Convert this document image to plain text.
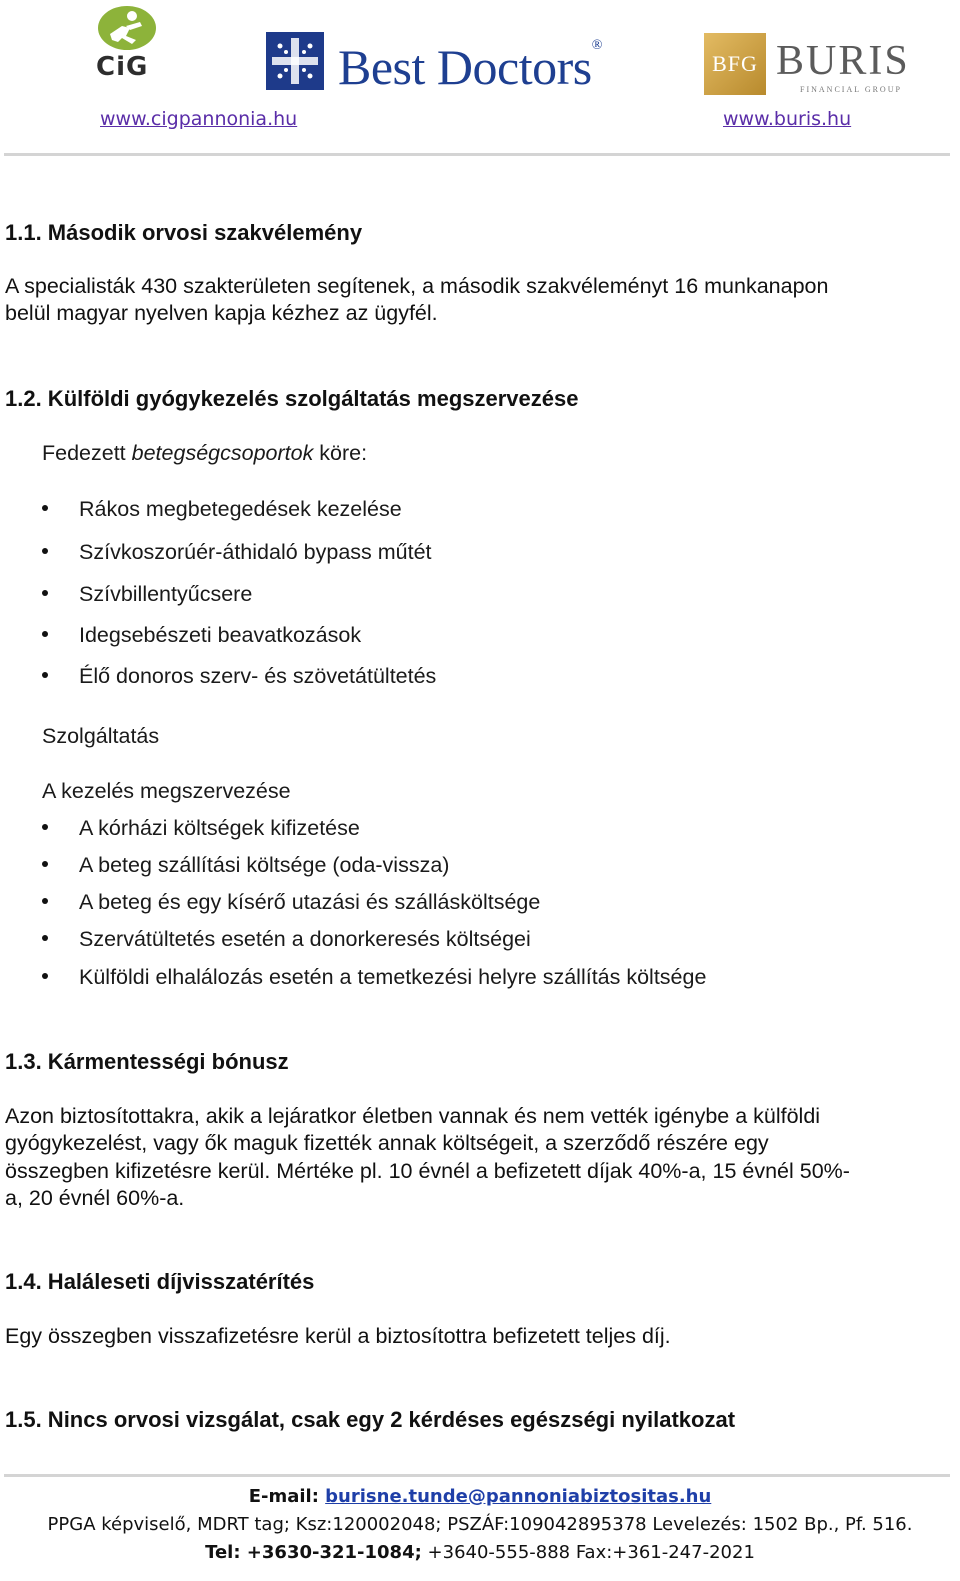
CiG	Best Doctors®
BFG BURIS
FINANCIAL GROUP
www.cigpannonia.hu	www.buris.hu
1.1. Második orvosi szakvélemény
A specialisták 430 szakterületen segítenek, a második szakvéleményt 16 munkanapon
belül magyar nyelven kapja kézhez az ügyfél.
1.2. Külföldi gyógykezelés szolgáltatás megszervezése
Fedezett betegségcsoportok köre:
Rákos megbetegedések kezelése
Szívkoszorúér-áthidaló bypass műtét
Szívbillentyűcsere
Idegsebészeti beavatkozások
Élő donoros szerv- és szövetátültetés
Szolgáltatás
A kezelés megszervezése
A kórházi költségek kifizetése
A beteg szállítási költsége (oda-vissza)
A beteg és egy kísérő utazási és szállásköltsége
Szervátültetés esetén a donorkeresés költségei
Külföldi elhalálozás esetén a temetkezési helyre szállítás költsége
1.3. Kármentességi bónusz
Azon biztosítottakra, akik a lejáratkor életben vannak és nem vették igénybe a külföldi
gyógykezelést, vagy ők maguk fizették annak költségeit, a szerződő részére egy
összegben kifizetésre kerül. Mértéke pl. 10 évnél a befizetett díjak 40%-a, 15 évnél 50%-
a, 20 évnél 60%-a.
1.4. Haláleseti díjvisszatérítés
Egy összegben visszafizetésre kerül a biztosítottra befizetett teljes díj.
1.5. Nincs orvosi vizsgálat, csak egy 2 kérdéses egészségi nyilatkozat
E-mail: burisne.tunde@pannoniabiztositas.hu
PPGA képviselő, MDRT tag; Ksz:120002048; PSZÁF:109042895378 Levelezés: 1502 Bp., Pf. 516.
Tel: +3630-321-1084; +3640-555-888 Fax:+361-247-2021
